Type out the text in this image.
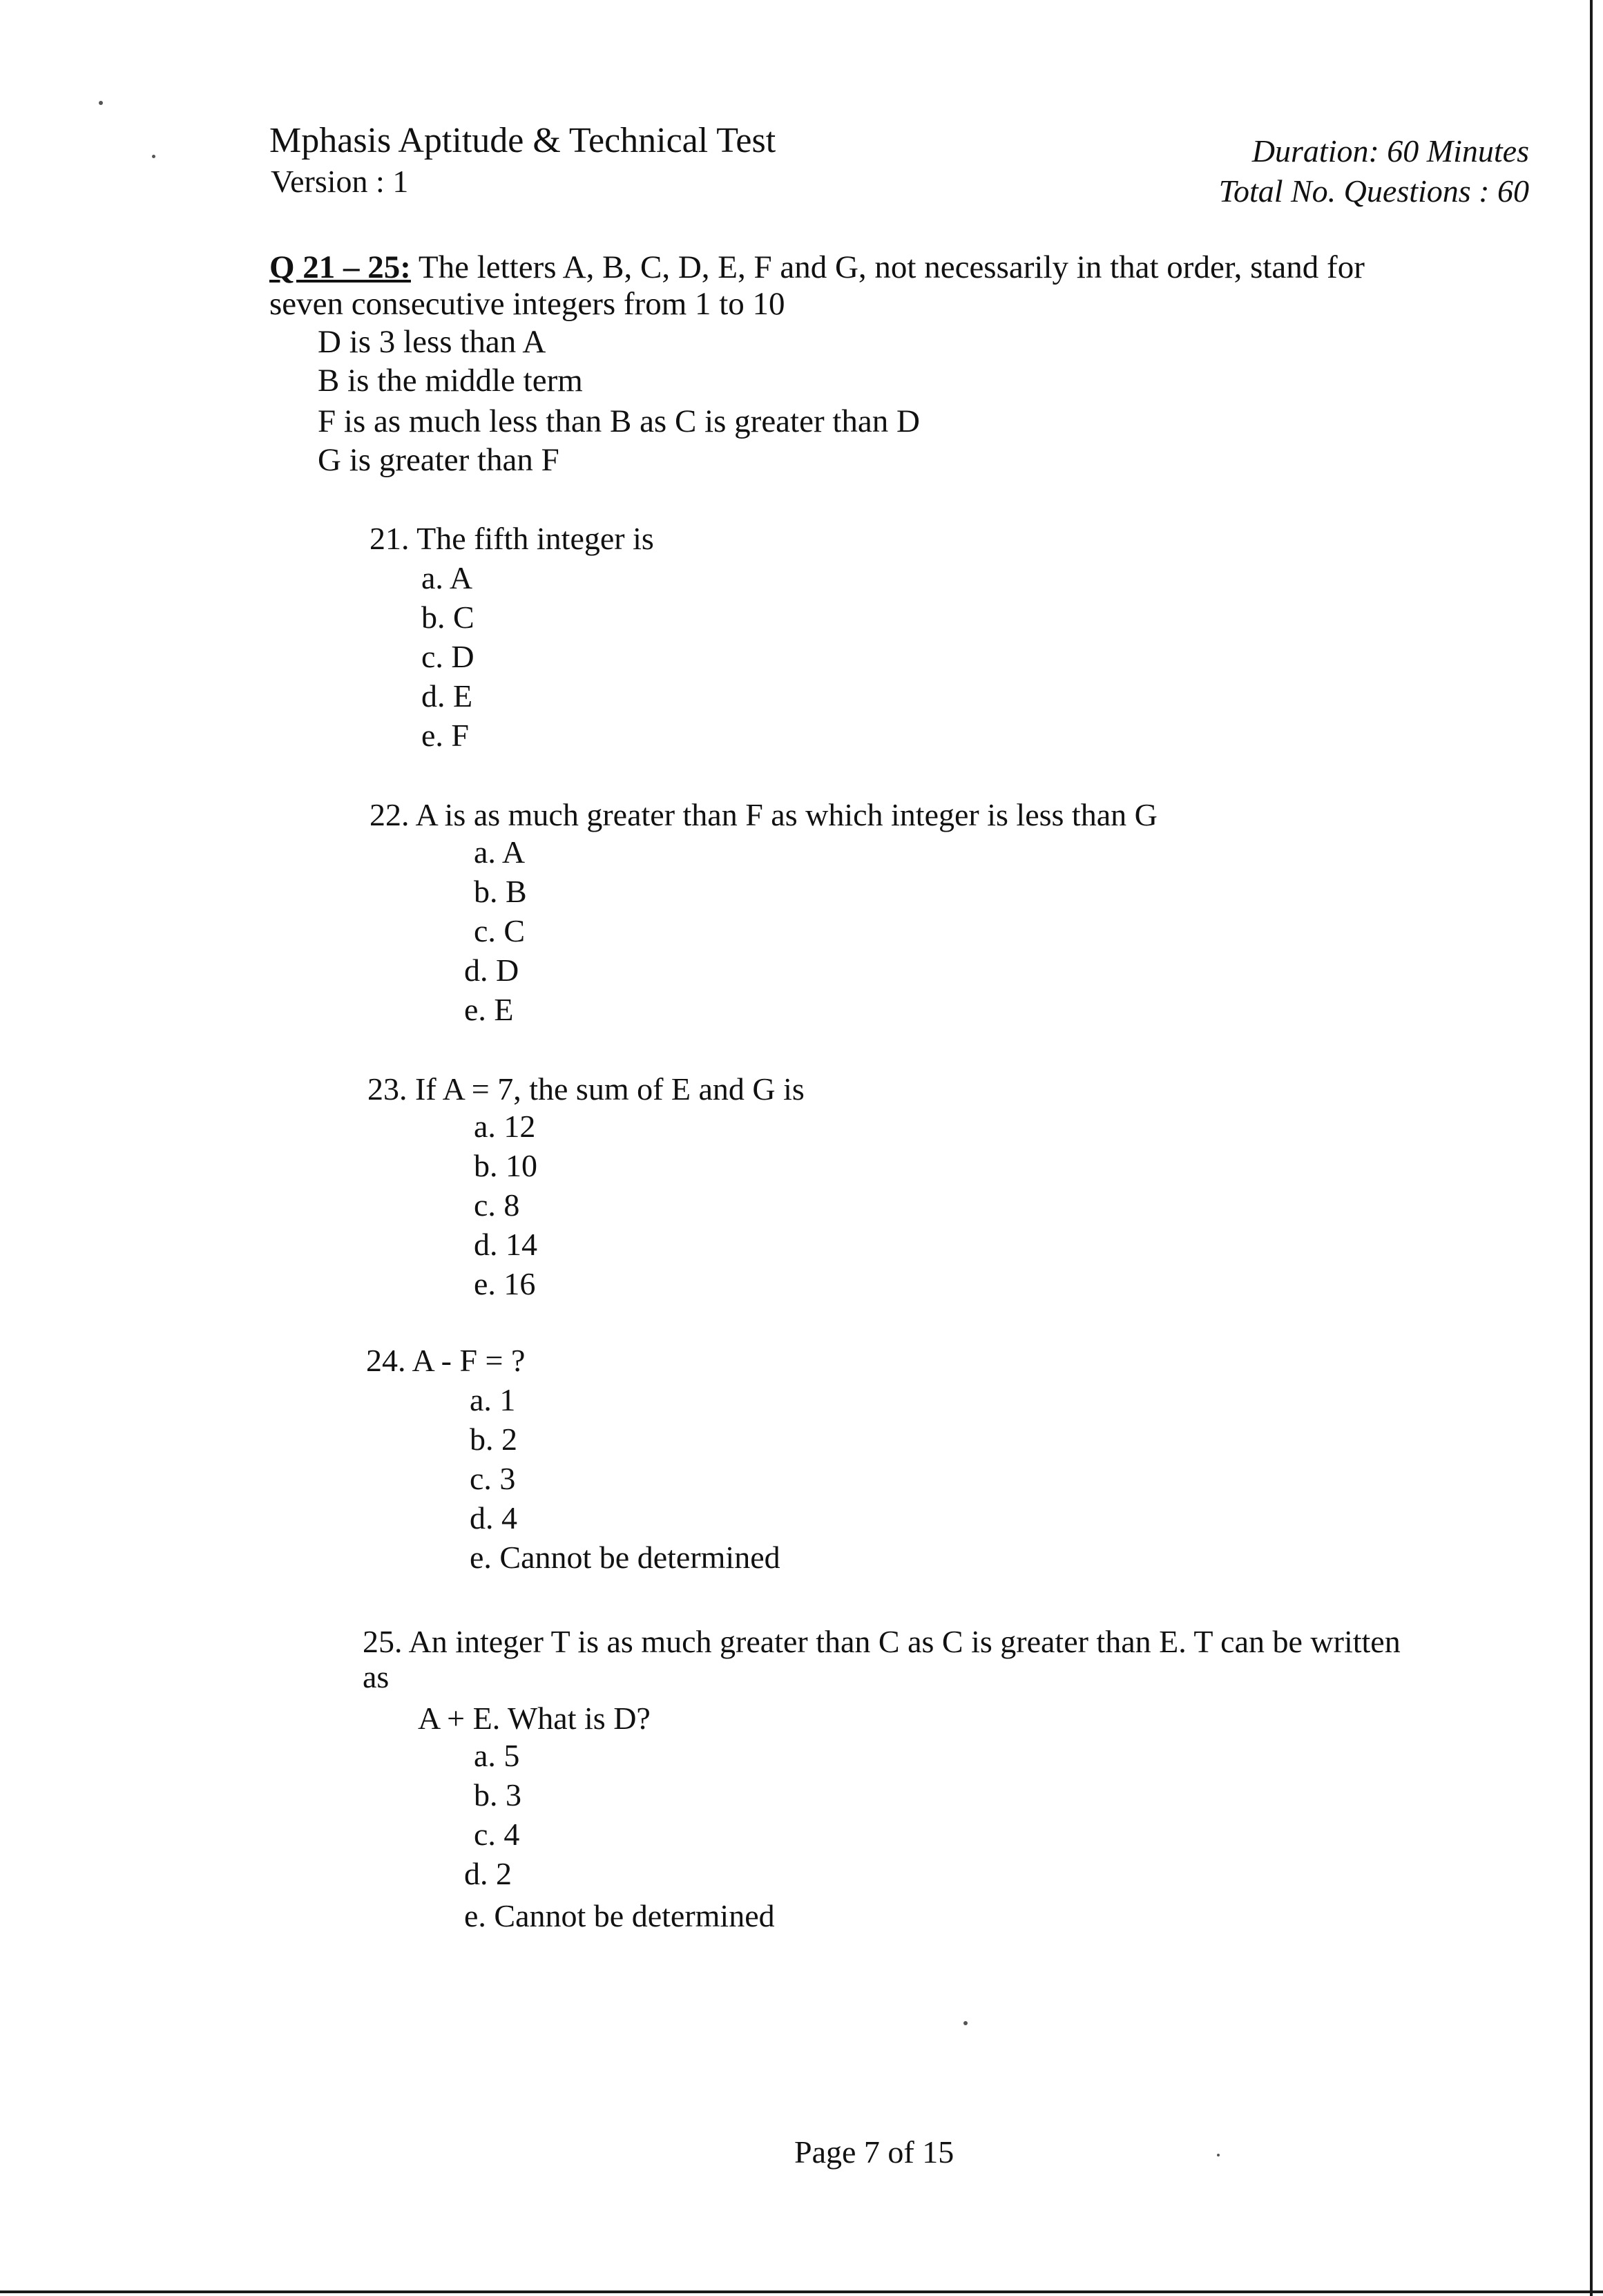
Mphasis Aptitude & Technical Test
Version : 1
Duration: 60 Minutes
Total No. Questions : 60
Q 21 – 25: The letters A, B, C, D, E, F and G, not necessarily in that order, stand for
seven consecutive integers from 1 to 10
D is 3 less than A
B is the middle term
F is as much less than B as C is greater than D
G is greater than F
21. The fifth integer is
a. A
b. C
c. D
d. E
e. F
22. A is as much greater than F as which integer is less than G
a. A
b. B
c. C
d. D
e. E
23. If A = 7, the sum of E and G is
a. 12
b. 10
c. 8
d. 14
e. 16
24. A - F = ?
a. 1
b. 2
c. 3
d. 4
e. Cannot be determined
25. An integer T is as much greater than C as C is greater than E. T can be written
as
A + E. What is D?
a. 5
b. 3
c. 4
d. 2
e. Cannot be determined
Page 7 of 15
